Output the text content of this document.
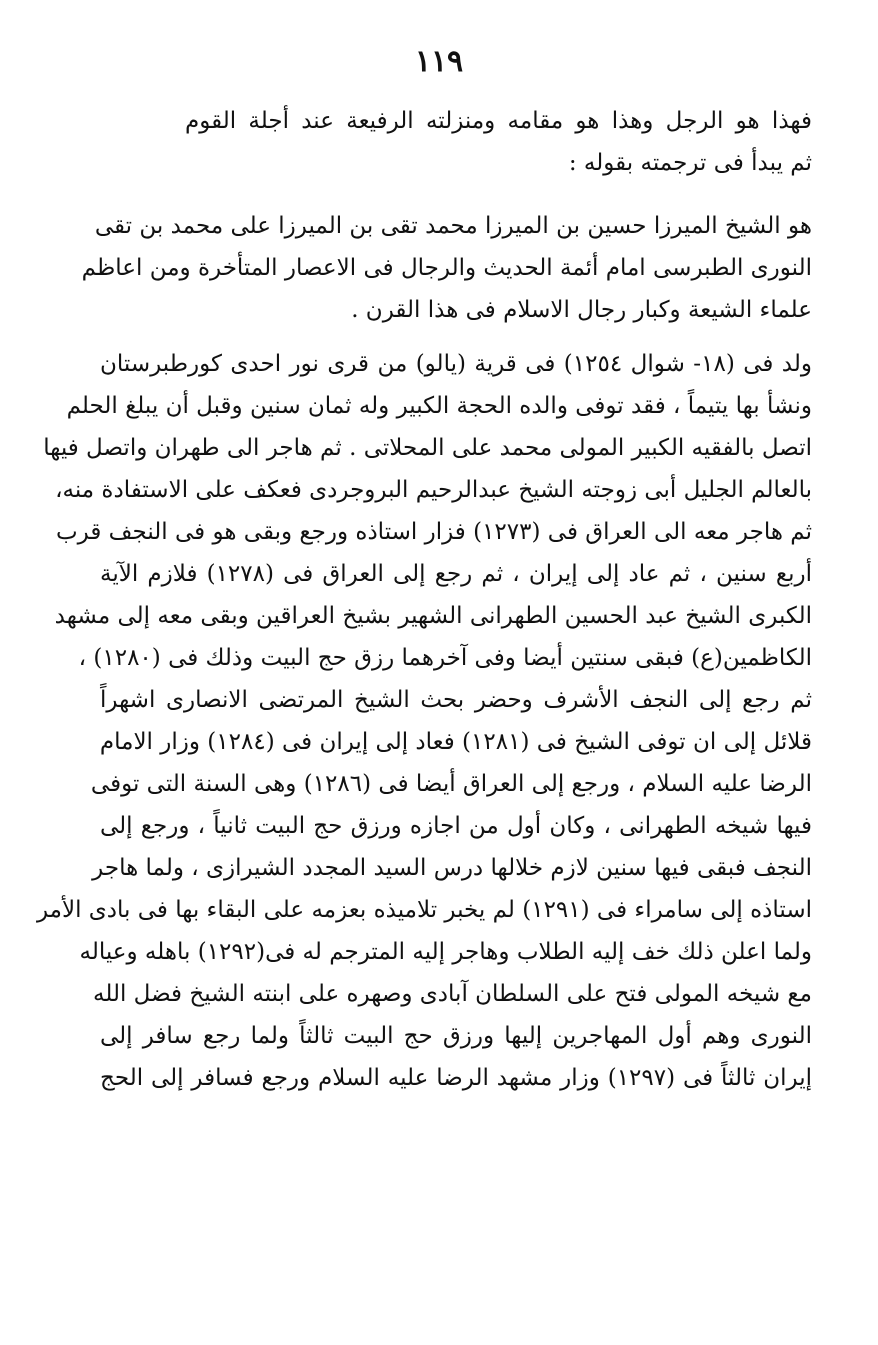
١١٩
فهذا هو الرجل وهذا هو مقامه ومنزلته الرفيعة عند أجلة القوم
ثم يبدأ فى ترجمته بقوله :
هو الشيخ الميرزا حسين بن الميرزا محمد تقى بن الميرزا على محمد بن تقى
النورى الطبرسى امام أئمة الحديث والرجال فى الاعصار المتأخرة ومن اعاظم
علماء الشيعة وكبار رجال الاسلام فى هذا القرن .
ولد فى (١٨- شوال ١٢٥٤) فى قرية (يالو) من قرى نور احدى كورطبرستان
ونشأ بها يتيماً ، فقد توفى والده الحجة الكبير وله ثمان سنين وقبل أن يبلغ الحلم
اتصل بالفقيه الكبير المولى محمد على المحلاتى . ثم هاجر الى طهران واتصل فيها
بالعالم الجليل أبى زوجته الشيخ عبدالرحيم البروجردى فعكف على الاستفادة منه،
ثم هاجر معه الى العراق فى (١٢٧٣) فزار استاذه ورجع وبقى هو فى النجف قرب
أربع سنين ، ثم عاد إلى إيران ، ثم رجع إلى العراق فى (١٢٧٨) فلازم الآية
الكبرى الشيخ عبد الحسين الطهرانى الشهير بشيخ العراقين وبقى معه إلى مشهد
الكاظمين(ع) فبقى سنتين أيضا وفى آخرهما رزق حج البيت وذلك فى (١٢٨٠) ،
ثم رجع إلى النجف الأشرف وحضر بحث الشيخ المرتضى الانصارى اشهراً
قلائل إلى ان توفى الشيخ فى (١٢٨١) فعاد إلى إيران فى (١٢٨٤) وزار الامام
الرضا عليه السلام ، ورجع إلى العراق أيضا فى (١٢٨٦) وهى السنة التى توفى
فيها شيخه الطهرانى ، وكان أول من اجازه ورزق حج البيت ثانياً ، ورجع إلى
النجف فبقى فيها سنين لازم خلالها درس السيد المجدد الشيرازى ، ولما هاجر
استاذه إلى سامراء فى (١٢٩١) لم يخبر تلاميذه بعزمه على البقاء بها فى بادى الأمر
ولما اعلن ذلك خف إليه الطلاب وهاجر إليه المترجم له فى(١٢٩٢) باهله وعياله
مع شيخه المولى فتح على السلطان آبادى وصهره على ابنته الشيخ فضل الله
النورى وهم أول المهاجرين إليها ورزق حج البيت ثالثاً ولما رجع سافر إلى
إيران ثالثاً فى (١٢٩٧) وزار مشهد الرضا عليه السلام ورجع فسافر إلى الحج
